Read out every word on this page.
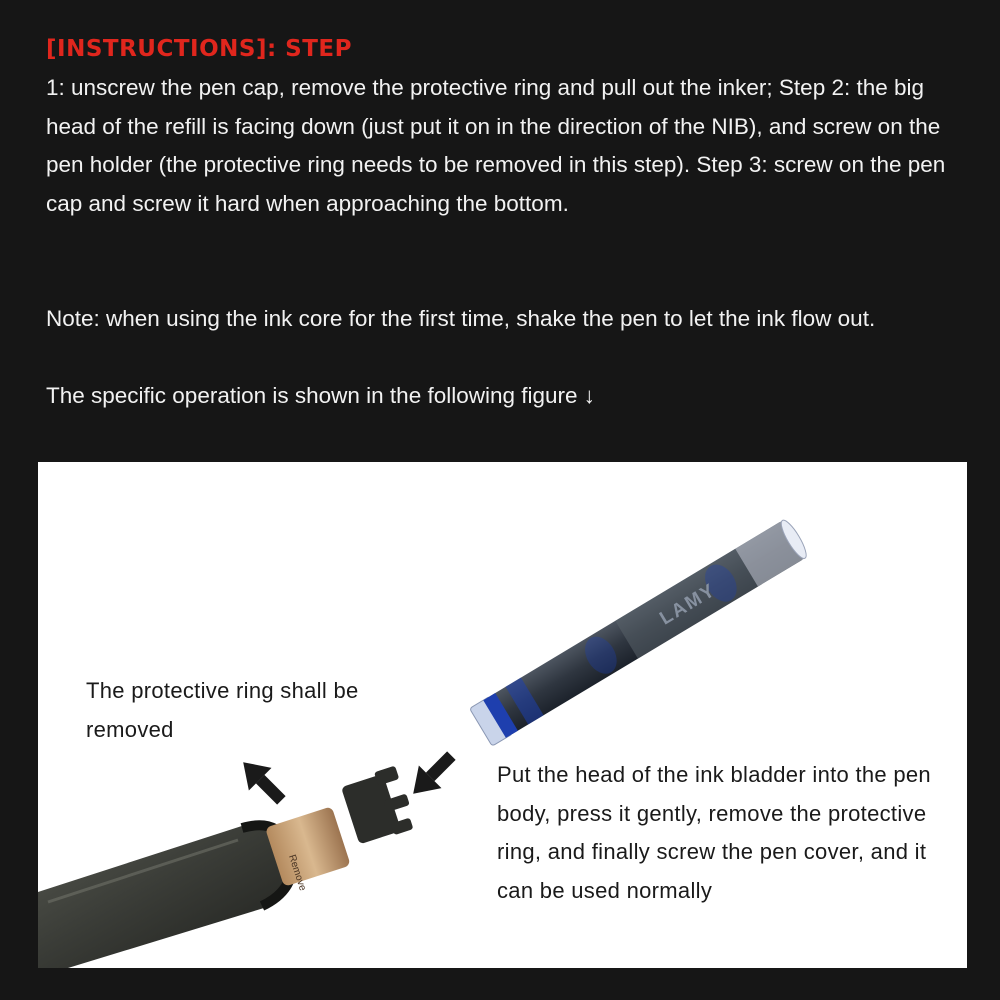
[INSTRUCTIONS]: STEP

1: unscrew the pen cap, remove the protective ring and pull out the inker; Step 2: the big head of the refill is facing down (just put it on in the direction of the NIB), and screw on the pen holder (the protective ring needs to be removed in this step). Step 3: screw on the pen cap and screw it hard when approaching the bottom.

Note: when using the ink core for the first time, shake the pen to let the ink flow out.

The specific operation is shown in the following figure ↓

LAMY
Remove

The protective ring shall be removed

Put the head of the ink bladder into the pen body, press it gently, remove the protective ring, and finally screw the pen cover, and it can be used normally
